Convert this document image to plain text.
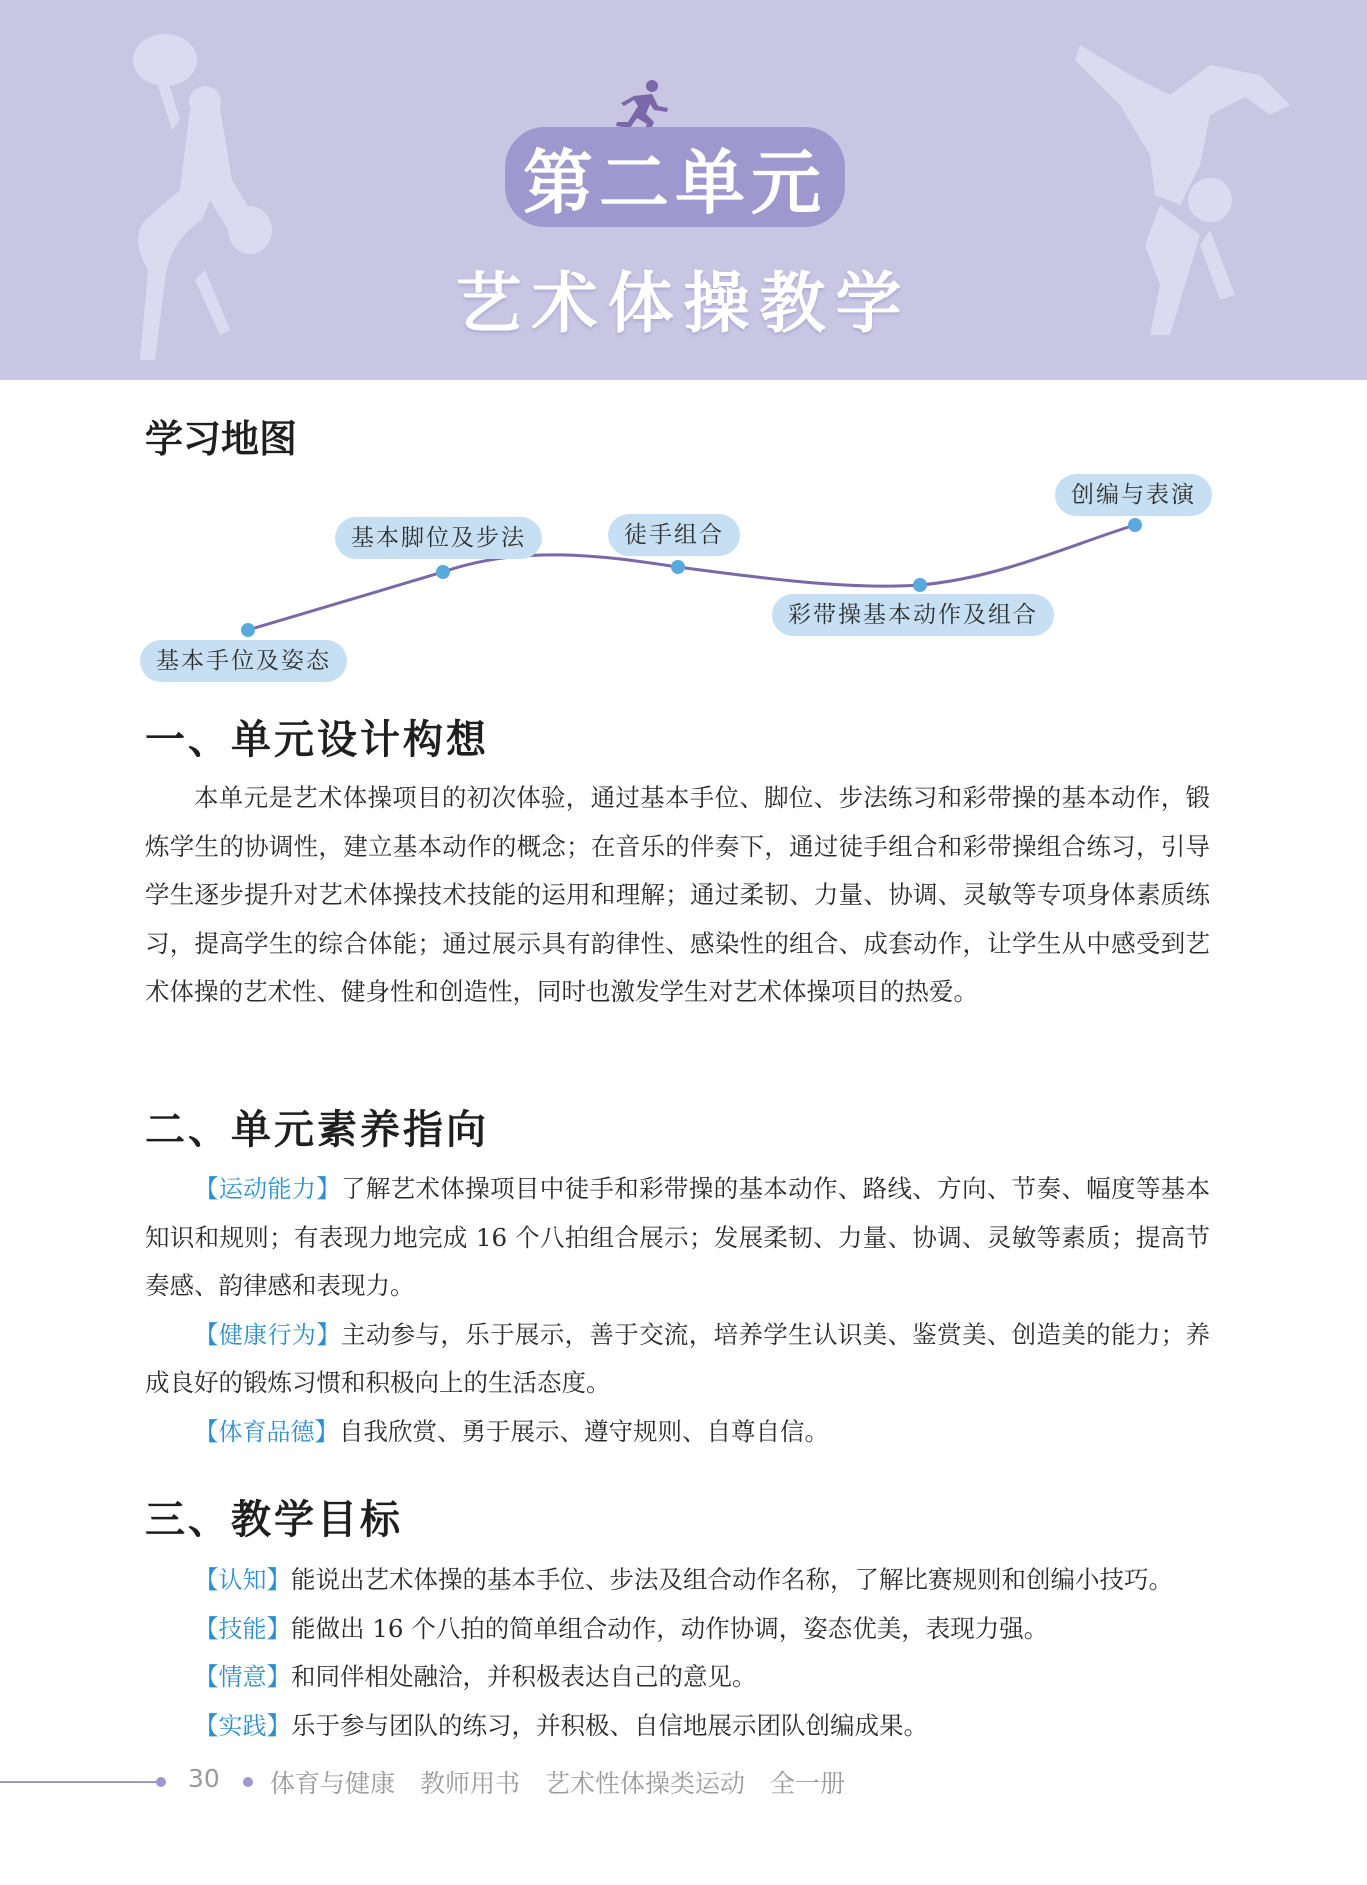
第二单元
艺术体操教学
学习地图
基本手位及姿态
基本脚位及步法	徒手组合
彩带操基本动作及组合
创编与表演
一、单元设计构想

本单元是艺术体操项目的初次体验，通过基本手位、脚位、步法练习和彩带操的基本动作，锻炼学生的协调性，建立基本动作的概念；在音乐的伴奏下，通过徒手组合和彩带操组合练习，引导学生逐步提升对艺术体操技术技能的运用和理解；通过柔韧、力量、协调、灵敏等专项身体素质练习，提高学生的综合体能；通过展示具有韵律性、感染性的组合、成套动作，让学生从中感受到艺术体操的艺术性、健身性和创造性，同时也激发学生对艺术体操项目的热爱。

二、单元素养指向

【运动能力】了解艺术体操项目中徒手和彩带操的基本动作、路线、方向、节奏、幅度等基本知识和规则；有表现力地完成 16 个八拍组合展示；发展柔韧、力量、协调、灵敏等素质；提高节奏感、韵律感和表现力。

【健康行为】主动参与，乐于展示，善于交流，培养学生认识美、鉴赏美、创造美的能力；养成良好的锻炼习惯和积极向上的生活态度。

【体育品德】自我欣赏、勇于展示、遵守规则、自尊自信。

三、教学目标

【认知】能说出艺术体操的基本手位、步法及组合动作名称，了解比赛规则和创编小技巧。

【技能】能做出 16 个八拍的简单组合动作，动作协调，姿态优美，表现力强。

【情意】和同伴相处融洽，并积极表达自己的意见。

【实践】乐于参与团队的练习，并积极、自信地展示团队创编成果。

30 体育与健康　教师用书　艺术性体操类运动　全一册
